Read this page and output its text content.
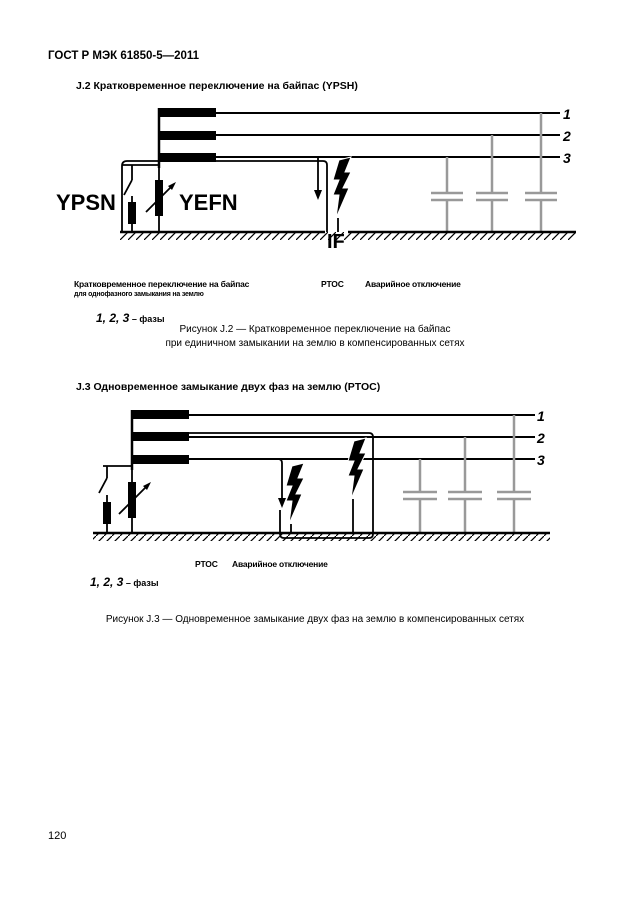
ГОСТ Р МЭК 61850-5—2011
J.2 Кратковременное переключение на байпас (YPSH)
YPSN	YEFN
IF
1
2
3
Кратковременное переключение на байпас
для однофазного замыкания на землю
PTOC	Аварийное отключение
1, 2, 3 – фазы
Рисунок J.2 — Кратковременное переключение на байпас
при единичном замыкании на землю в компенсированных сетях
J.3 Одновременное замыкание двух фаз на землю (PTOC)
1
2
3
PTOC Аварийное отключение
1, 2, 3 – фазы
Рисунок J.3 — Одновременное замыкание двух фаз на землю в компенсированных сетях
120
